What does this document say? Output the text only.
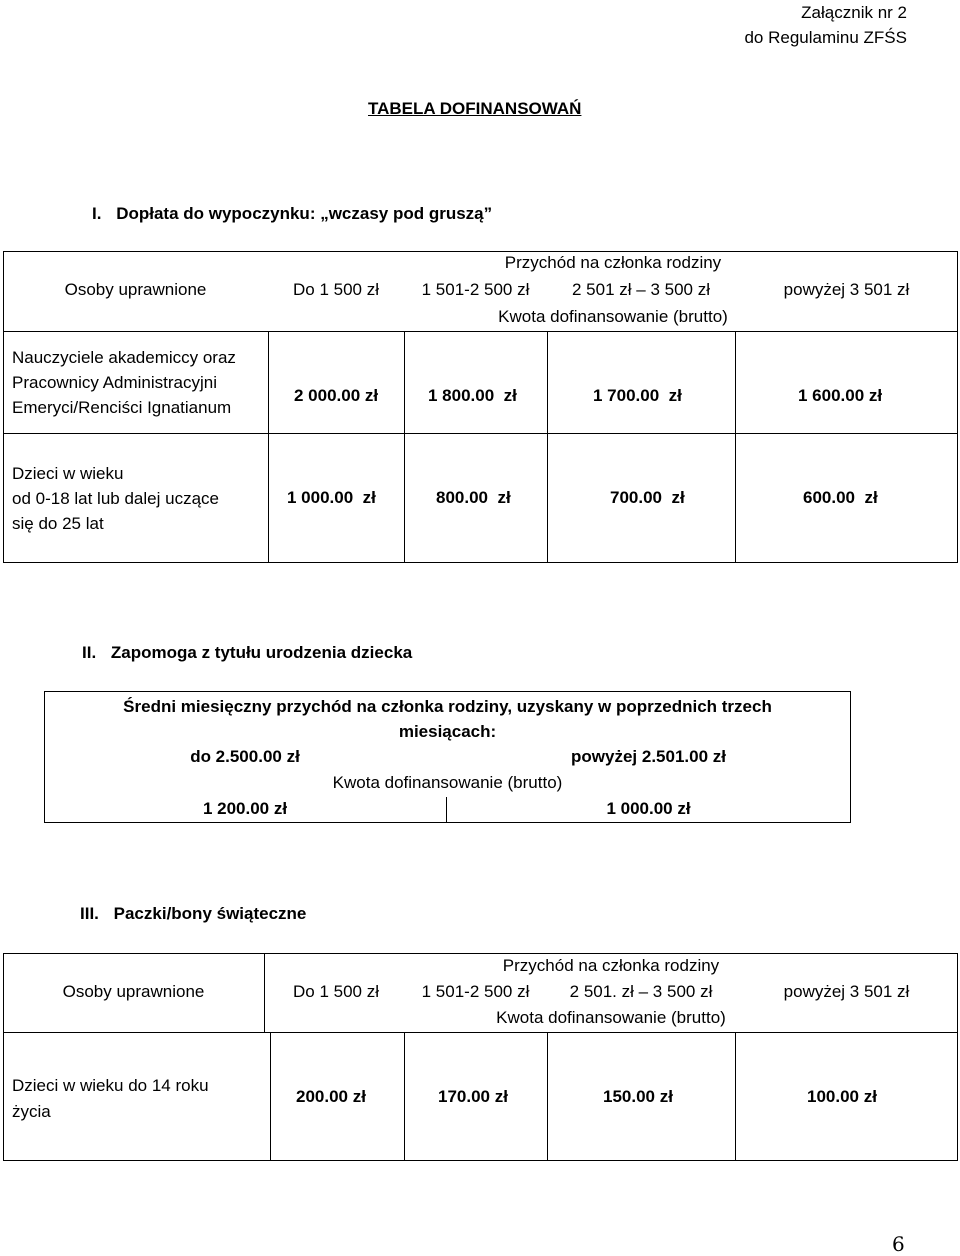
Załącznik nr 2
do Regulaminu ZFŚS
TABELA DOFINANSOWAŃ
I. Dopłata do wypoczynku: „wczasy pod gruszą”
Przychód na członka rodziny
Osoby uprawnione	Do 1 500 zł	1 501-2 500 zł	2 501 zł – 3 500 zł	powyżej 3 501 zł
Kwota dofinansowanie (brutto)
Nauczyciele akademiccy oraz
Pracownicy Administracyjni
Emeryci/Renciści Ignatianum
2 000.00 zł	1 800.00  zł	1 700.00  zł	1 600.00 zł
Dzieci w wieku
od 0-18 lat lub dalej uczące
się do 25 lat
1 000.00  zł	800.00  zł	700.00  zł	600.00  zł
II. Zapomoga z tytułu urodzenia dziecka
Średni miesięczny przychód na członka rodziny, uzyskany w poprzednich trzech
miesiącach:
do 2.500.00 zł	powyżej 2.501.00 zł
Kwota dofinansowanie (brutto)
1 200.00 zł	1 000.00 zł
III. Paczki/bony świąteczne
Przychód na członka rodziny
Osoby uprawnione	Do 1 500 zł	1 501-2 500 zł	2 501. zł – 3 500 zł	powyżej 3 501 zł
Kwota dofinansowanie (brutto)
Dzieci w wieku do 14 roku
życia
200.00 zł	170.00 zł	150.00 zł	100.00 zł
6
